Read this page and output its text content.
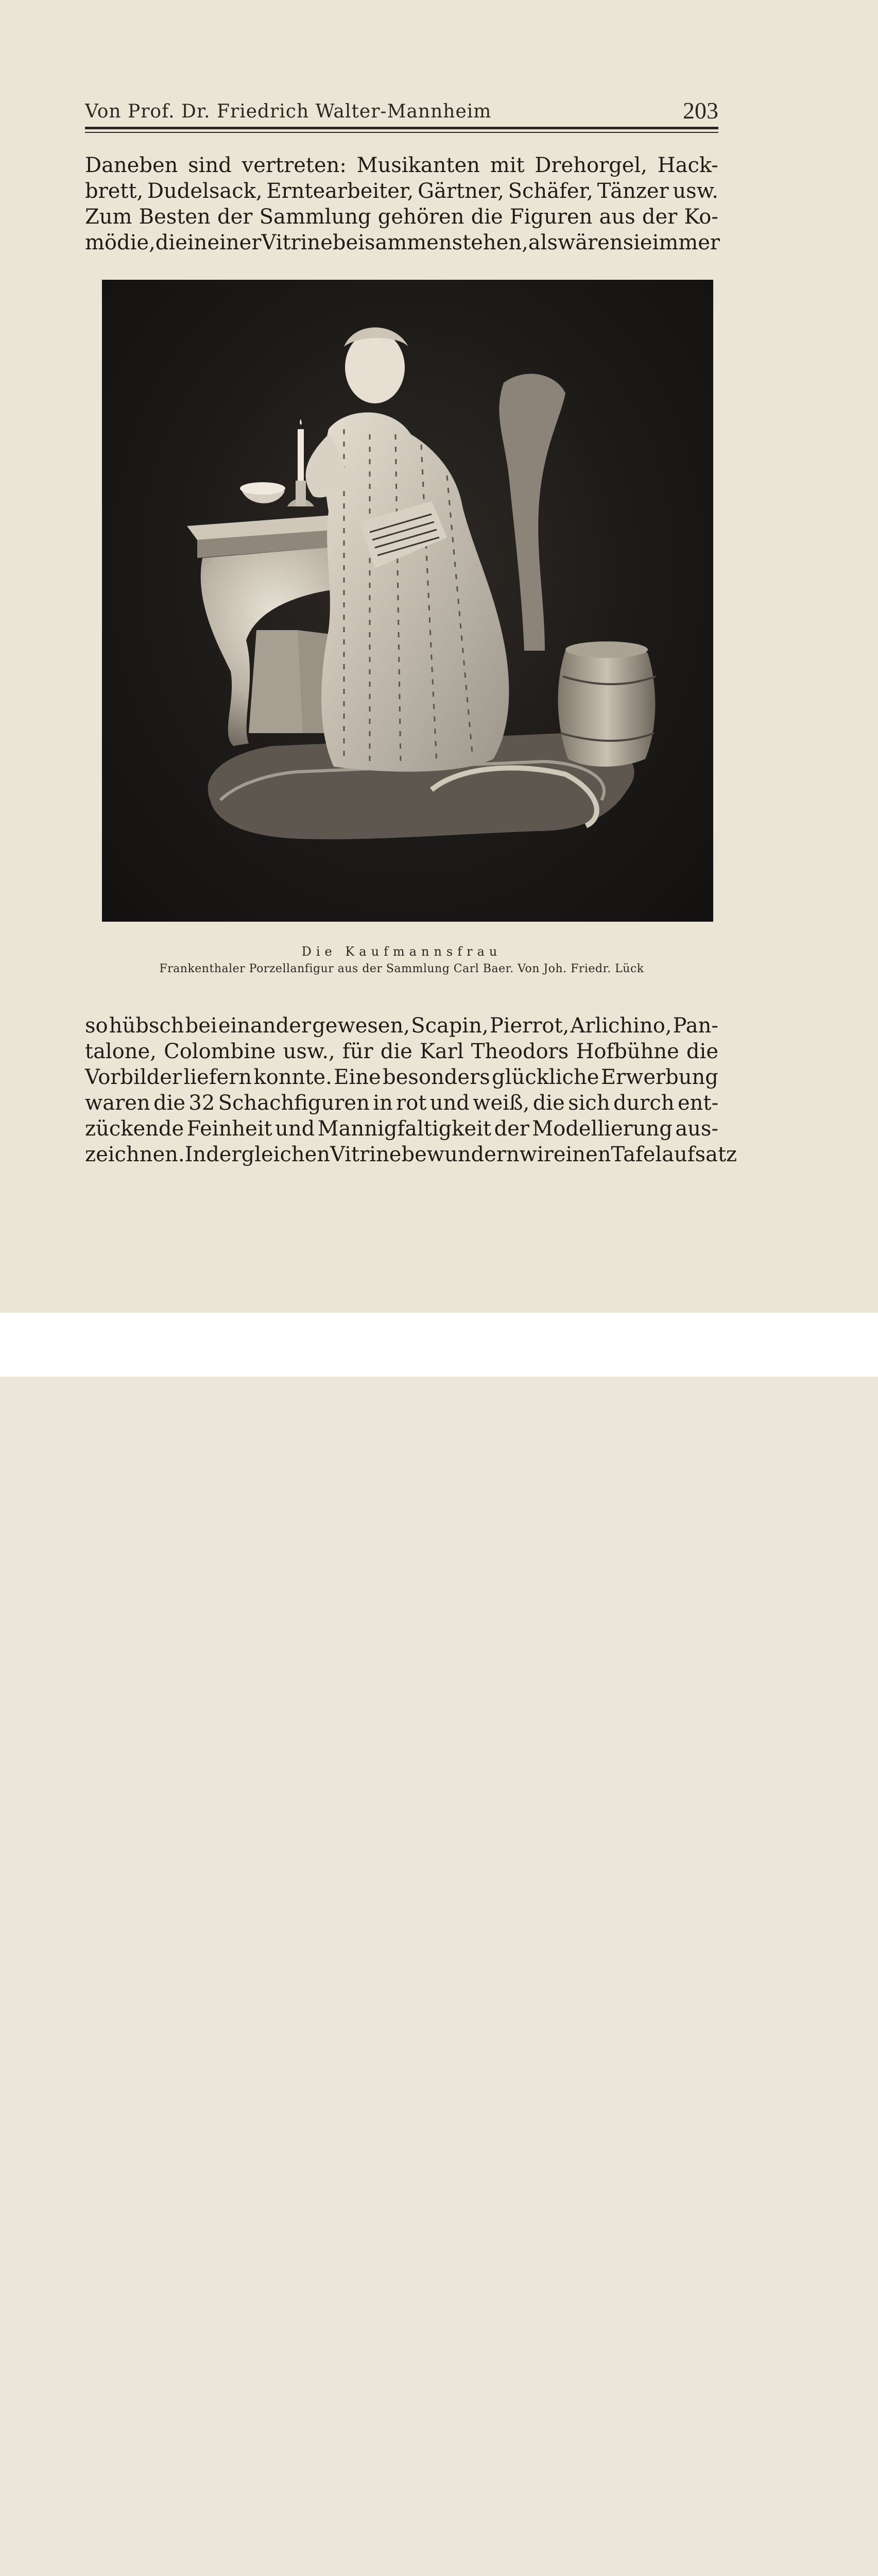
Von Prof. Dr. Friedrich Walter-Mannheim	203
Daneben sind vertreten: Musikanten mit Drehorgel, Hack-
brett, Dudelsack, Erntearbeiter, Gärtner, Schäfer, Tänzer usw.
Zum Besten der Sammlung gehören die Figuren aus der Ko-
mödie, die in einer Vitrine beisammenstehen, als wären sie immer
Die Kaufmannsfrau
Frankenthaler Porzellanfigur aus der Sammlung Carl Baer. Von Joh. Friedr. Lück
so hübsch bei einander gewesen, Scapin, Pierrot, Arlichino, Pan-
talone, Colombine usw., für die Karl Theodors Hofbühne die
Vorbilder liefern konnte. Eine besonders glückliche Erwerbung
waren die 32 Schachfiguren in rot und weiß, die sich durch ent-
zückende Feinheit und Mannigfaltigkeit der Modellierung aus-
zeichnen. In der gleichen Vitrine bewundern wir einen Tafelaufsatz
